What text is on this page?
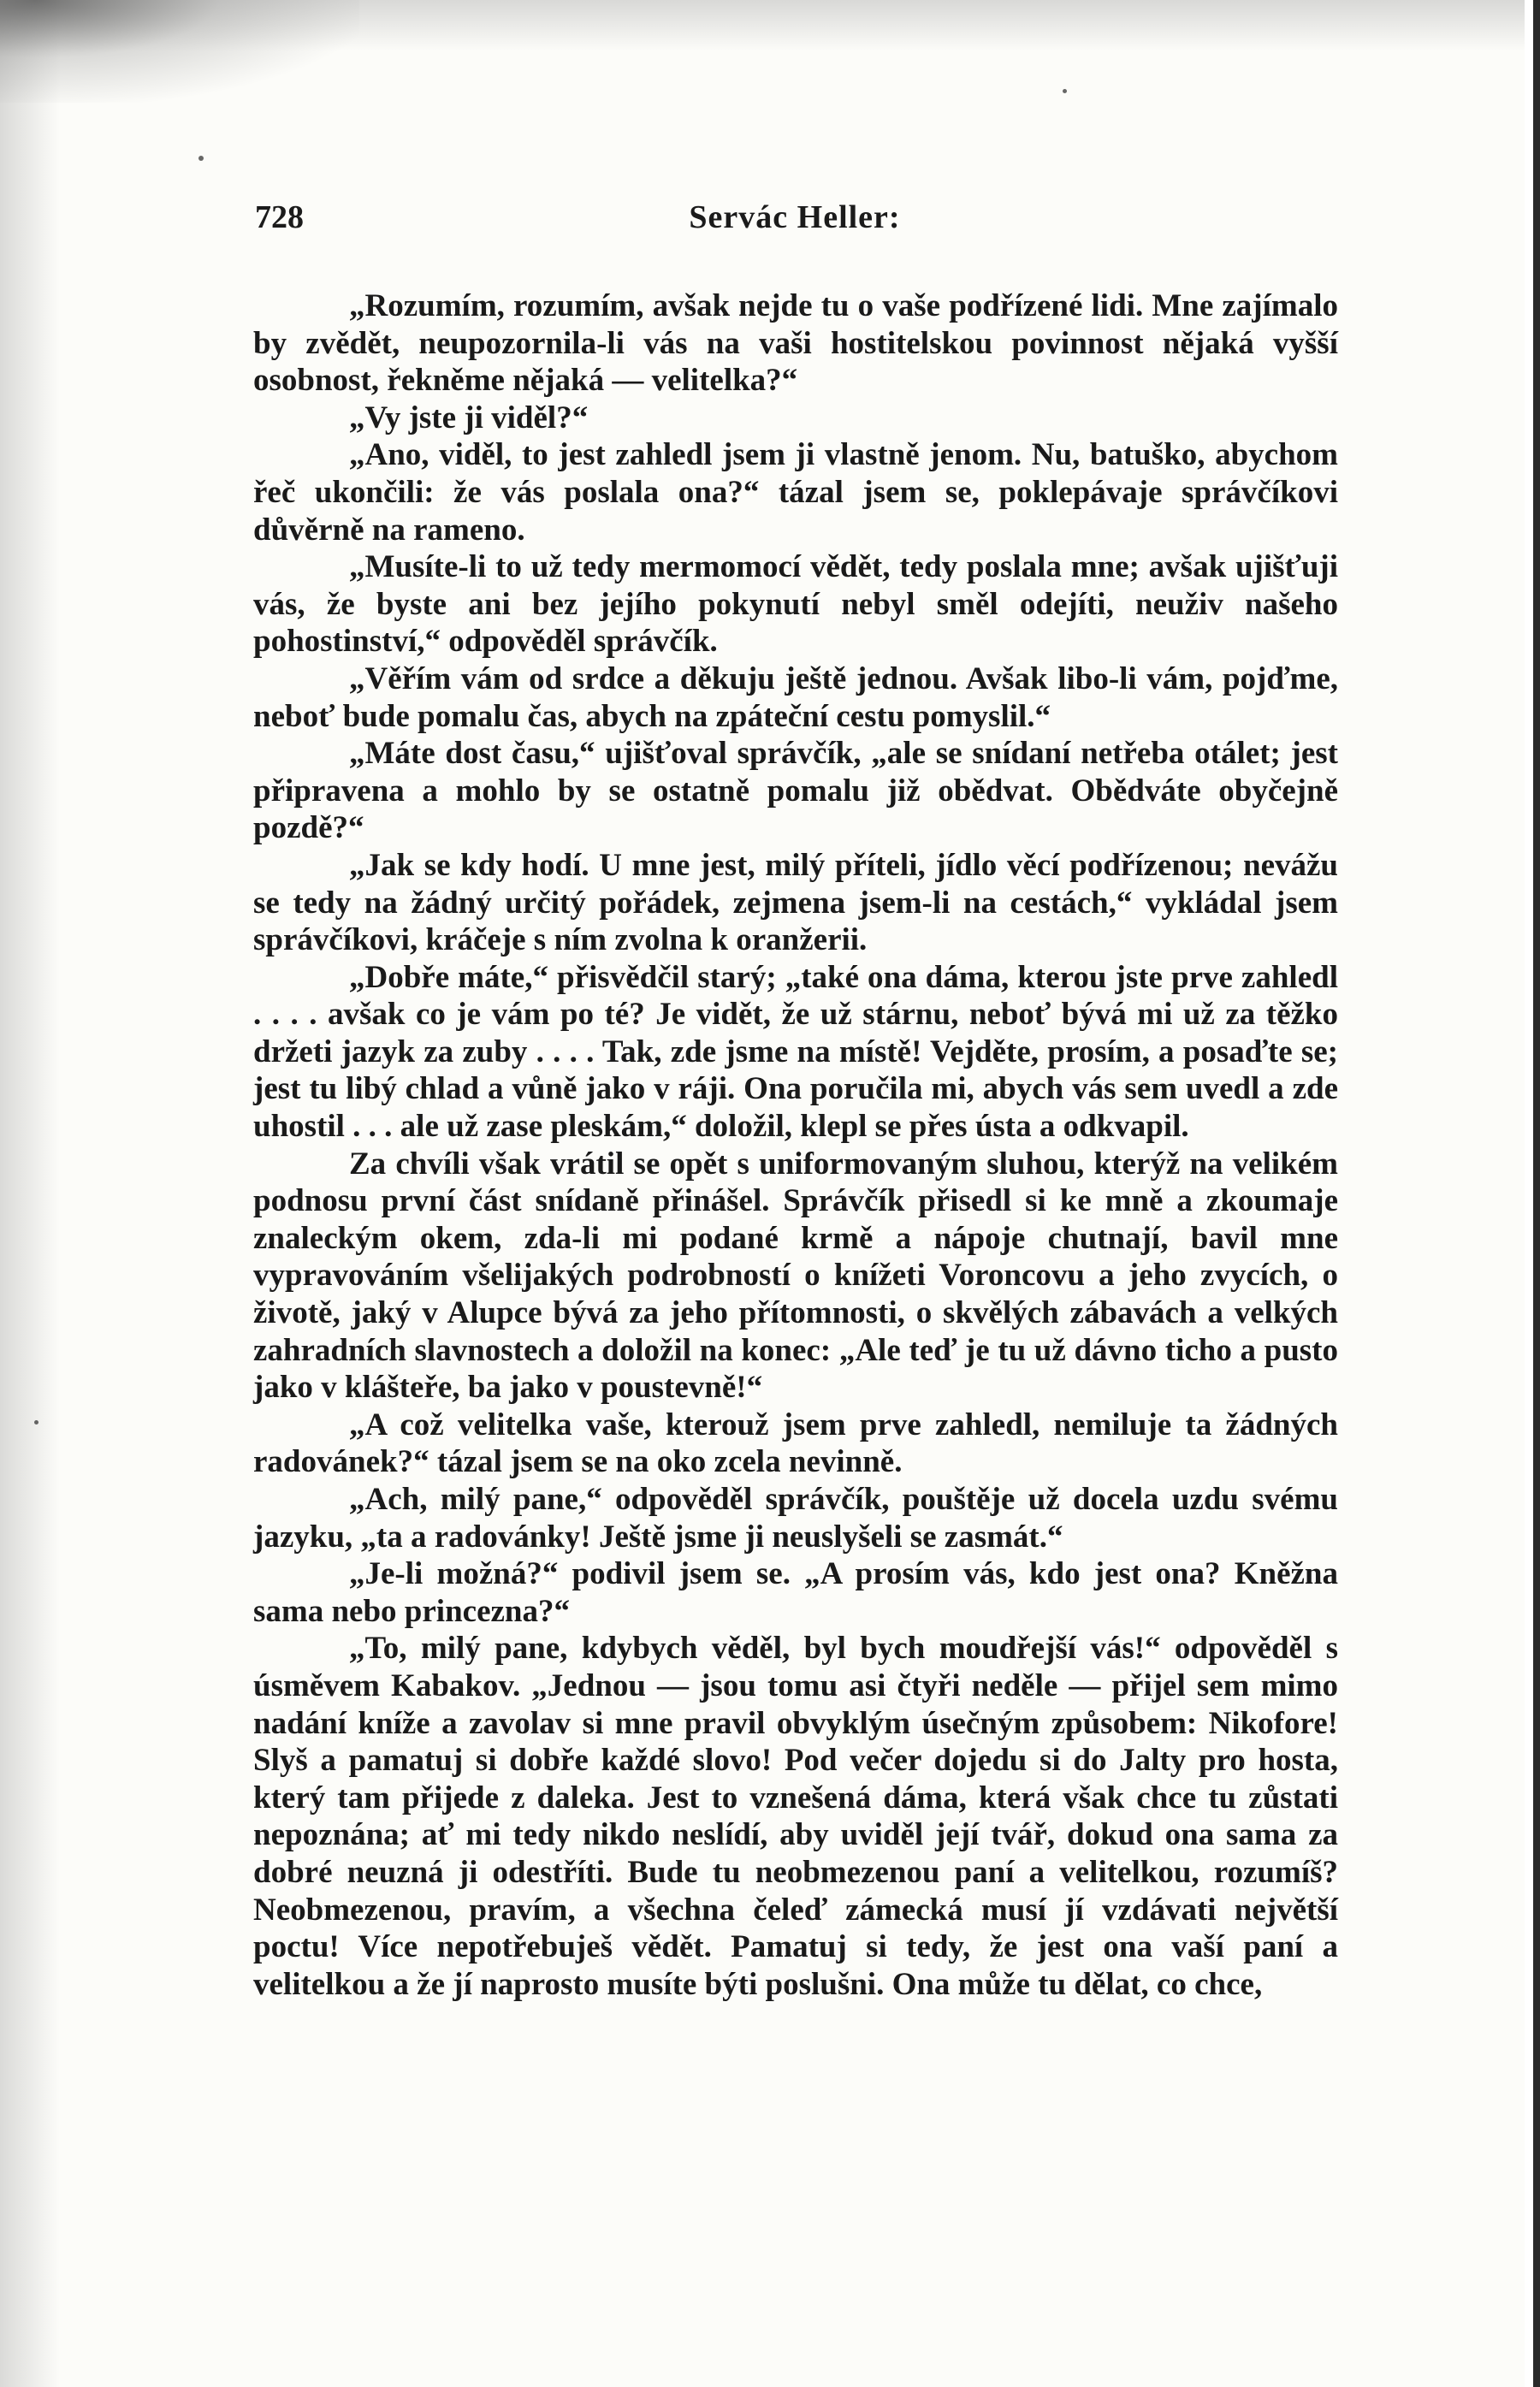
728	Servác Heller:

„Rozumím, rozumím, avšak nejde tu o vaše podřízené lidi. Mne zajímalo by zvědět, neupozornila-li vás na vaši hostitelskou povinnost nějaká vyšší osobnost, řekněme nějaká — velitelka?“

„Vy jste ji viděl?“

„Ano, viděl, to jest zahledl jsem ji vlastně jenom. Nu, batuško, abychom řeč ukončili: že vás poslala ona?“ tázal jsem se, poklepávaje správčíkovi důvěrně na rameno.

„Musíte-li to už tedy mermomocí vědět, tedy poslala mne; avšak ujišťuji vás, že byste ani bez jejího pokynutí nebyl směl odejíti, neuživ našeho pohostinství,“ odpověděl správčík.

„Věřím vám od srdce a děkuju ještě jednou. Avšak libo-li vám, pojďme, neboť bude pomalu čas, abych na zpáteční cestu pomyslil.“

„Máte dost času,“ ujišťoval správčík, „ale se snídaní netřeba otálet; jest připravena a mohlo by se ostatně pomalu již obědvat. Obědváte obyčejně pozdě?“

„Jak se kdy hodí. U mne jest, milý příteli, jídlo věcí podřízenou; nevážu se tedy na žádný určitý pořádek, zejmena jsem-li na cestách,“ vykládal jsem správčíkovi, kráčeje s ním zvolna k oranžerii.

„Dobře máte,“ přisvědčil starý; „také ona dáma, kterou jste prve zahledl . . . . avšak co je vám po té? Je vidět, že už stárnu, neboť bývá mi už za těžko držeti jazyk za zuby . . . . Tak, zde jsme na místě! Vejděte, prosím, a posaďte se; jest tu libý chlad a vůně jako v ráji. Ona poručila mi, abych vás sem uvedl a zde uhostil . . . ale už zase pleskám,“ doložil, klepl se přes ústa a odkvapil.

Za chvíli však vrátil se opět s uniformovaným sluhou, kterýž na velikém podnosu první část snídaně přinášel. Správčík přisedl si ke mně a zkoumaje znaleckým okem, zda-li mi podané krmě a nápoje chutnají, bavil mne vypravováním všelijakých podrobností o knížeti Voroncovu a jeho zvycích, o životě, jaký v Alupce bývá za jeho přítomnosti, o skvělých zábavách a velkých zahradních slavnostech a doložil na konec: „Ale teď je tu už dávno ticho a pusto jako v klášteře, ba jako v poustevně!“

„A což velitelka vaše, kterouž jsem prve zahledl, nemiluje ta žádných radovánek?“ tázal jsem se na oko zcela nevinně.

„Ach, milý pane,“ odpověděl správčík, pouštěje už docela uzdu svému jazyku, „ta a radovánky! Ještě jsme ji neuslyšeli se zasmát.“

„Je-li možná?“ podivil jsem se. „A prosím vás, kdo jest ona? Kněžna sama nebo princezna?“

„To, milý pane, kdybych věděl, byl bych moudřejší vás!“ odpověděl s úsměvem Kabakov. „Jednou — jsou tomu asi čtyři neděle — přijel sem mimo nadání kníže a zavolav si mne pravil obvyklým úsečným způsobem: Nikofore! Slyš a pamatuj si dobře každé slovo! Pod večer dojedu si do Jalty pro hosta, který tam přijede z daleka. Jest to vznešená dáma, která však chce tu zůstati nepoznána; ať mi tedy nikdo neslídí, aby uviděl její tvář, dokud ona sama za dobré neuzná ji odestříti. Bude tu neobmezenou paní a velitelkou, rozumíš? Neobmezenou, pravím, a všechna čeleď zámecká musí jí vzdávati největší poctu! Více nepotřebuješ vědět. Pamatuj si tedy, že jest ona vaší paní a velitelkou a že jí naprosto musíte býti poslušni. Ona může tu dělat, co chce,
